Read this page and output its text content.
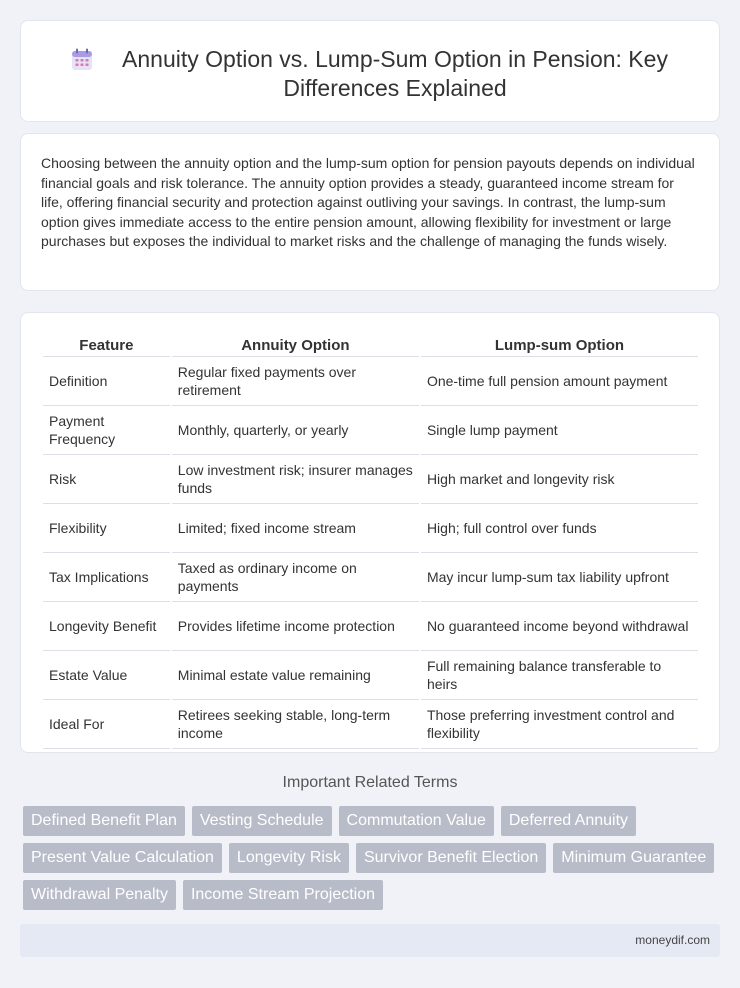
Annuity Option vs. Lump-Sum Option in Pension: Key Differences Explained

Choosing between the annuity option and the lump-sum option for pension payouts depends on individual financial goals and risk tolerance. The annuity option provides a steady, guaranteed income stream for life, offering financial security and protection against outliving your savings. In contrast, the lump-sum option gives immediate access to the entire pension amount, allowing flexibility for investment or large purchases but exposes the individual to market risks and the challenge of managing the funds wisely.

Feature	Annuity Option	Lump-sum Option
Definition	Regular fixed payments over retirement	One-time full pension amount payment
Payment Frequency	Monthly, quarterly, or yearly	Single lump payment
Risk	Low investment risk; insurer manages funds	High market and longevity risk
Flexibility	Limited; fixed income stream	High; full control over funds
Tax Implications	Taxed as ordinary income on payments	May incur lump-sum tax liability upfront
Longevity Benefit	Provides lifetime income protection	No guaranteed income beyond withdrawal
Estate Value	Minimal estate value remaining	Full remaining balance transferable to heirs
Ideal For	Retirees seeking stable, long-term income	Those preferring investment control and flexibility
Important Related Terms
Defined Benefit Plan	Vesting Schedule	Commutation Value	Deferred Annuity
Present Value Calculation	Longevity Risk	Survivor Benefit Election	Minimum Guarantee
Withdrawal Penalty	Income Stream Projection
moneydif.com
